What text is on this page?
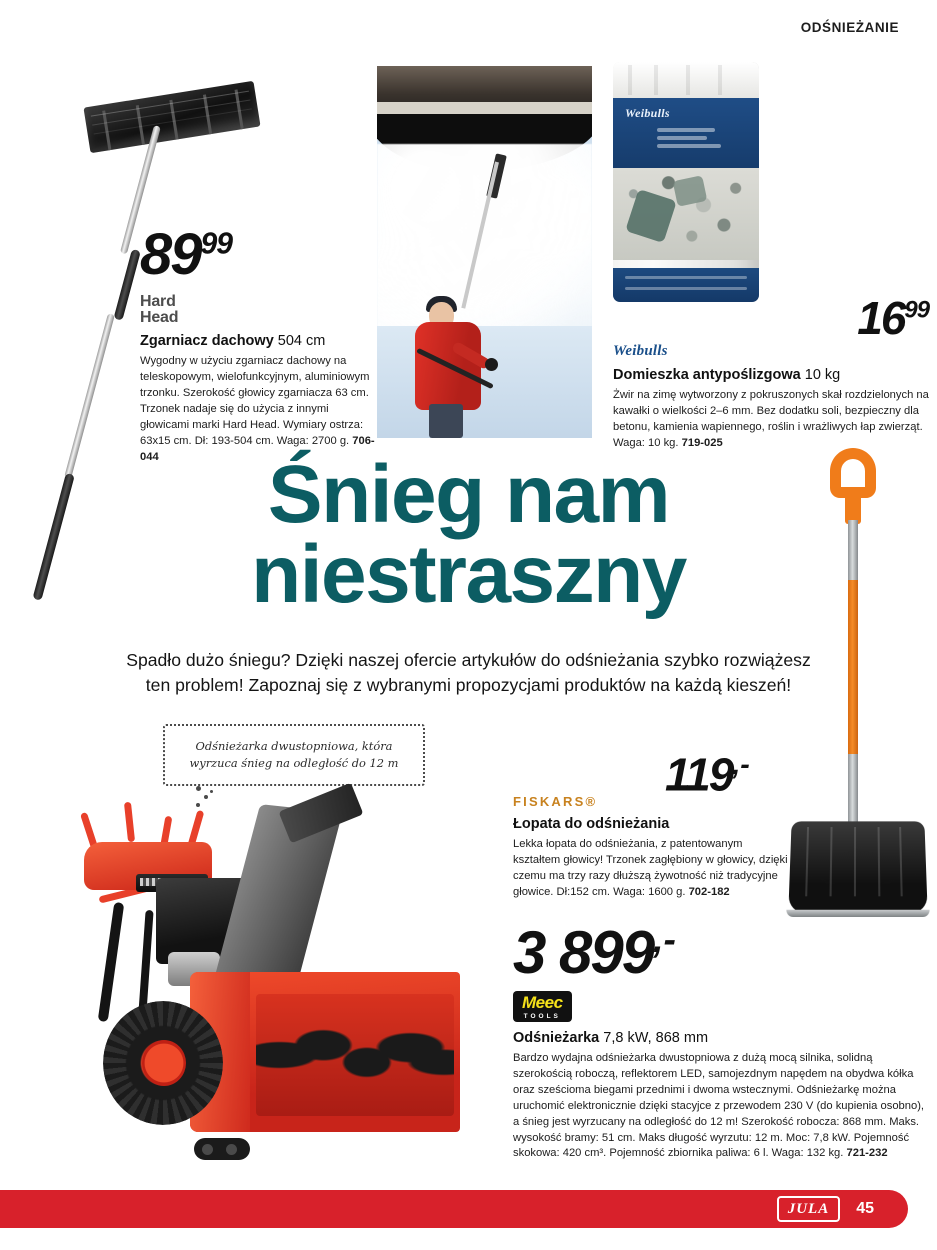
ODŚNIEŻANIE
Weibulls
$89^{99}$
Hard
Head
Zgarniacz dachowy 504 cm
Wygodny w użyciu zgarniacz dachowy na teleskopowym, wielofunkcyjnym, aluminiowym trzonku. Szerokość głowicy zgarniacza 63 cm. Trzonek nadaje się do użycia z innymi głowicami marki Hard Head. Wymiary ostrza: 63x15 cm. Dł: 193-504 cm. Waga: 2700 g. 706-044
$16^{99}$
Weibulls
Domieszka antypoślizgowa 10 kg
Żwir na zimę wytworzony z pokruszonych skał rozdzielonych na kawałki o wielkości 2–6 mm. Bez dodatku soli, bezpieczny dla betonu, kamienia wapiennego, roślin i wrażliwych łap zwierząt. Waga: 10 kg. 719-025
Śnieg nam
niestraszny
Spadło dużo śniegu? Dzięki naszej ofercie artykułów do odśnieżania szybko rozwiążesz
ten problem! Zapoznaj się z wybranymi propozycjami produktów na każdą kieszeń!
Odśnieżarka dwustopniowa, która
wyrzuca śnieg na odległość do 12 m	119,-
FISKARS®
Łopata do odśnieżania
Lekka łopata do odśnieżania, z patentowanym kształtem głowicy! Trzonek zagłębiony w głowicy, dzięki czemu ma trzy razy dłuższą żywotność niż tradycyjne głowice. Dł:152 cm. Waga: 1600 g. 702-182
3 899,-
Meec
TOOLS
Odśnieżarka 7,8 kW, 868 mm
Bardzo wydajna odśnieżarka dwustopniowa z dużą mocą silnika, solidną szerokością roboczą, reflektorem LED, samojezdnym napędem na obydwa kółka oraz sześcioma biegami przednimi i dwoma wstecznymi. Odśnieżarkę można uruchomić elektronicznie dzięki stacyjce z przewodem 230 V (do kupienia osobno), a śnieg jest wyrzucany na odległość do 12 m! Szerokość robocza: 868 mm. Maks. wysokość bramy: 51 cm. Maks długość wyrzutu: 12 m. Moc: 7,8 kW. Pojemność skokowa: 420 cm³. Pojemność zbiornika paliwa: 6 l. Waga: 132 kg. 721-232
JULA	45
